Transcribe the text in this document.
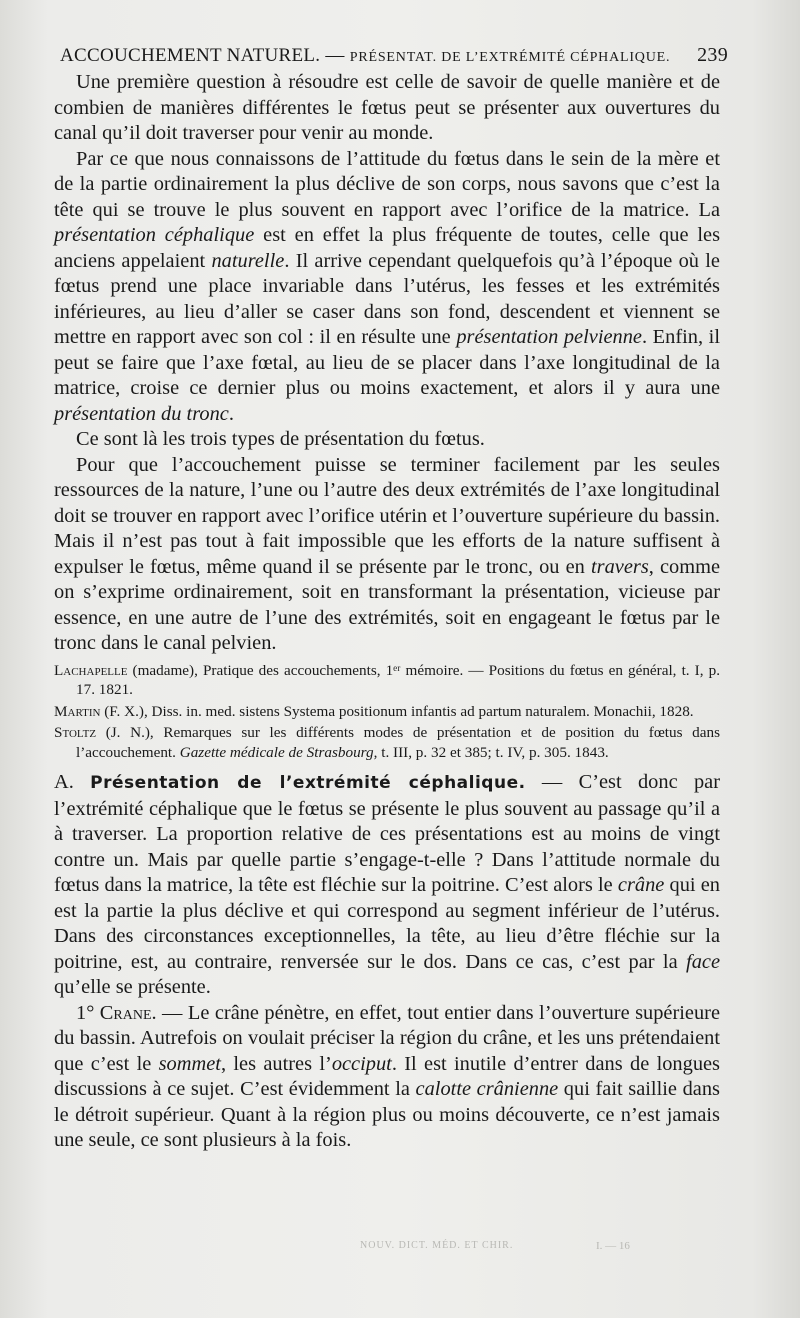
ACCOUCHEMENT NATUREL. — PRÉSENTAT. DE L’EXTRÉMITÉ CÉPHALIQUE. 239

Une première question à résoudre est celle de savoir de quelle manière et de combien de manières différentes le fœtus peut se présenter aux ouvertures du canal qu’il doit traverser pour venir au monde.

Par ce que nous connaissons de l’attitude du fœtus dans le sein de la mère et de la partie ordinairement la plus déclive de son corps, nous savons que c’est la tête qui se trouve le plus souvent en rapport avec l’orifice de la matrice. La présentation céphalique est en effet la plus fréquente de toutes, celle que les anciens appelaient naturelle. Il arrive cependant quelquefois qu’à l’époque où le fœtus prend une place invariable dans l’utérus, les fesses et les extrémités inférieures, au lieu d’aller se caser dans son fond, descendent et viennent se mettre en rapport avec son col : il en résulte une présentation pelvienne. Enfin, il peut se faire que l’axe fœtal, au lieu de se placer dans l’axe longitudinal de la matrice, croise ce dernier plus ou moins exactement, et alors il y aura une présentation du tronc.

Ce sont là les trois types de présentation du fœtus.

Pour que l’accouchement puisse se terminer facilement par les seules ressources de la nature, l’une ou l’autre des deux extrémités de l’axe longitudinal doit se trouver en rapport avec l’orifice utérin et l’ouverture supérieure du bassin. Mais il n’est pas tout à fait impossible que les efforts de la nature suffisent à expulser le fœtus, même quand il se présente par le tronc, ou en travers, comme on s’exprime ordinairement, soit en transformant la présentation, vicieuse par essence, en une autre de l’une des extrémités, soit en engageant le fœtus par le tronc dans le canal pelvien.

Lachapelle (madame), Pratique des accouchements, 1ᵉʳ mémoire. — Positions du fœtus en général, t. I, p. 17. 1821.

Martin (F. X.), Diss. in. med. sistens Systema positionum infantis ad partum naturalem. Monachii, 1828.

Stoltz (J. N.), Remarques sur les différents modes de présentation et de position du fœtus dans l’accouchement. Gazette médicale de Strasbourg, t. III, p. 32 et 385; t. IV, p. 305. 1843.

A. Présentation de l’extrémité céphalique. — C’est donc par l’extrémité céphalique que le fœtus se présente le plus souvent au passage qu’il a à traverser. La proportion relative de ces présentations est au moins de vingt contre un. Mais par quelle partie s’engage-t-elle ? Dans l’attitude normale du fœtus dans la matrice, la tête est fléchie sur la poitrine. C’est alors le crâne qui en est la partie la plus déclive et qui correspond au segment inférieur de l’utérus. Dans des circonstances exceptionnelles, la tête, au lieu d’être fléchie sur la poitrine, est, au contraire, renversée sur le dos. Dans ce cas, c’est par la face qu’elle se présente.

1° Crane. — Le crâne pénètre, en effet, tout entier dans l’ouverture supérieure du bassin. Autrefois on voulait préciser la région du crâne, et les uns prétendaient que c’est le sommet, les autres l’occiput. Il est inutile d’entrer dans de longues discussions à ce sujet. C’est évidemment la calotte crânienne qui fait saillie dans le détroit supérieur. Quant à la région plus ou moins découverte, ce n’est jamais une seule, ce sont plusieurs à la fois.

NOUV. DICT. MÉD. ET CHIR.	I. — 16
